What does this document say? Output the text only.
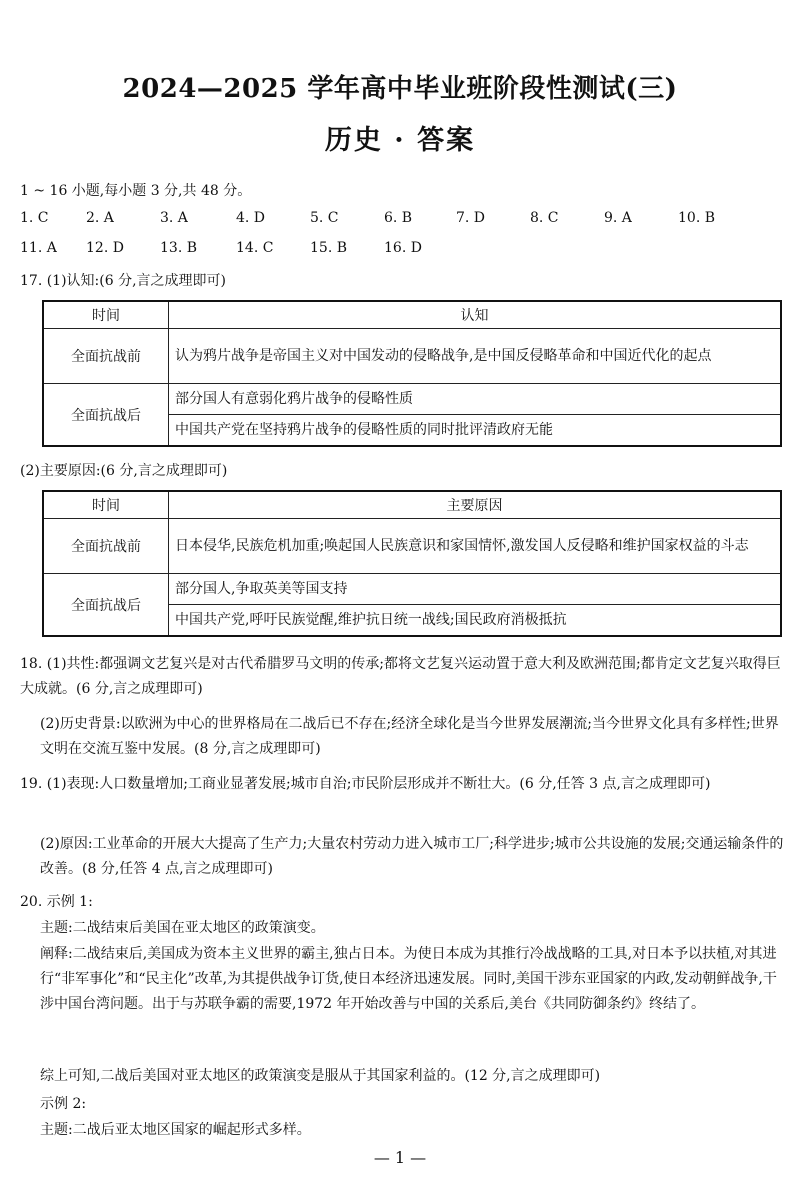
2024—2025 学年高中毕业班阶段性测试(三)
历史 · 答案
1 ~ 16 小题,每小题 3 分,共 48 分。
1. C	2. A	3. A	4. D	5. C	6. B	7. D	8. C	9. A	10. B
11. A 12. D	13. B	14. C	15. B	16. D
17. (1)认知:(6 分,言之成理即可)
时间	认知
全面抗战前	认为鸦片战争是帝国主义对中国发动的侵略战争,是中国反侵略革命和中国近代化的起点
全面抗战后	部分国人有意弱化鸦片战争的侵略性质
	中国共产党在坚持鸦片战争的侵略性质的同时批评清政府无能
(2)主要原因:(6 分,言之成理即可)
时间	主要原因
全面抗战前	日本侵华,民族危机加重;唤起国人民族意识和家国情怀,激发国人反侵略和维护国家权益的斗志
全面抗战后	部分国人,争取英美等国支持
	中国共产党,呼吁民族觉醒,维护抗日统一战线;国民政府消极抵抗
18. (1)共性:都强调文艺复兴是对古代希腊罗马文明的传承;都将文艺复兴运动置于意大利及欧洲范围;都肯定文艺复兴取得巨大成就。(6 分,言之成理即可)
(2)历史背景:以欧洲为中心的世界格局在二战后已不存在;经济全球化是当今世界发展潮流;当今世界文化具有多样性;世界文明在交流互鉴中发展。(8 分,言之成理即可)
19. (1)表现:人口数量增加;工商业显著发展;城市自治;市民阶层形成并不断壮大。(6 分,任答 3 点,言之成理即可)
(2)原因:工业革命的开展大大提高了生产力;大量农村劳动力进入城市工厂;科学进步;城市公共设施的发展;交通运输条件的改善。(8 分,任答 4 点,言之成理即可)
20. 示例 1:
主题:二战结束后美国在亚太地区的政策演变。
阐释:二战结束后,美国成为资本主义世界的霸主,独占日本。为使日本成为其推行冷战战略的工具,对日本予以扶植,对其进行“非军事化”和“民主化”改革,为其提供战争订货,使日本经济迅速发展。同时,美国干涉东亚国家的内政,发动朝鲜战争,干涉中国台湾问题。出于与苏联争霸的需要,1972 年开始改善与中国的关系后,美台《共同防御条约》终结了。
综上可知,二战后美国对亚太地区的政策演变是服从于其国家利益的。(12 分,言之成理即可)
示例 2:
主题:二战后亚太地区国家的崛起形式多样。
— 1 —
